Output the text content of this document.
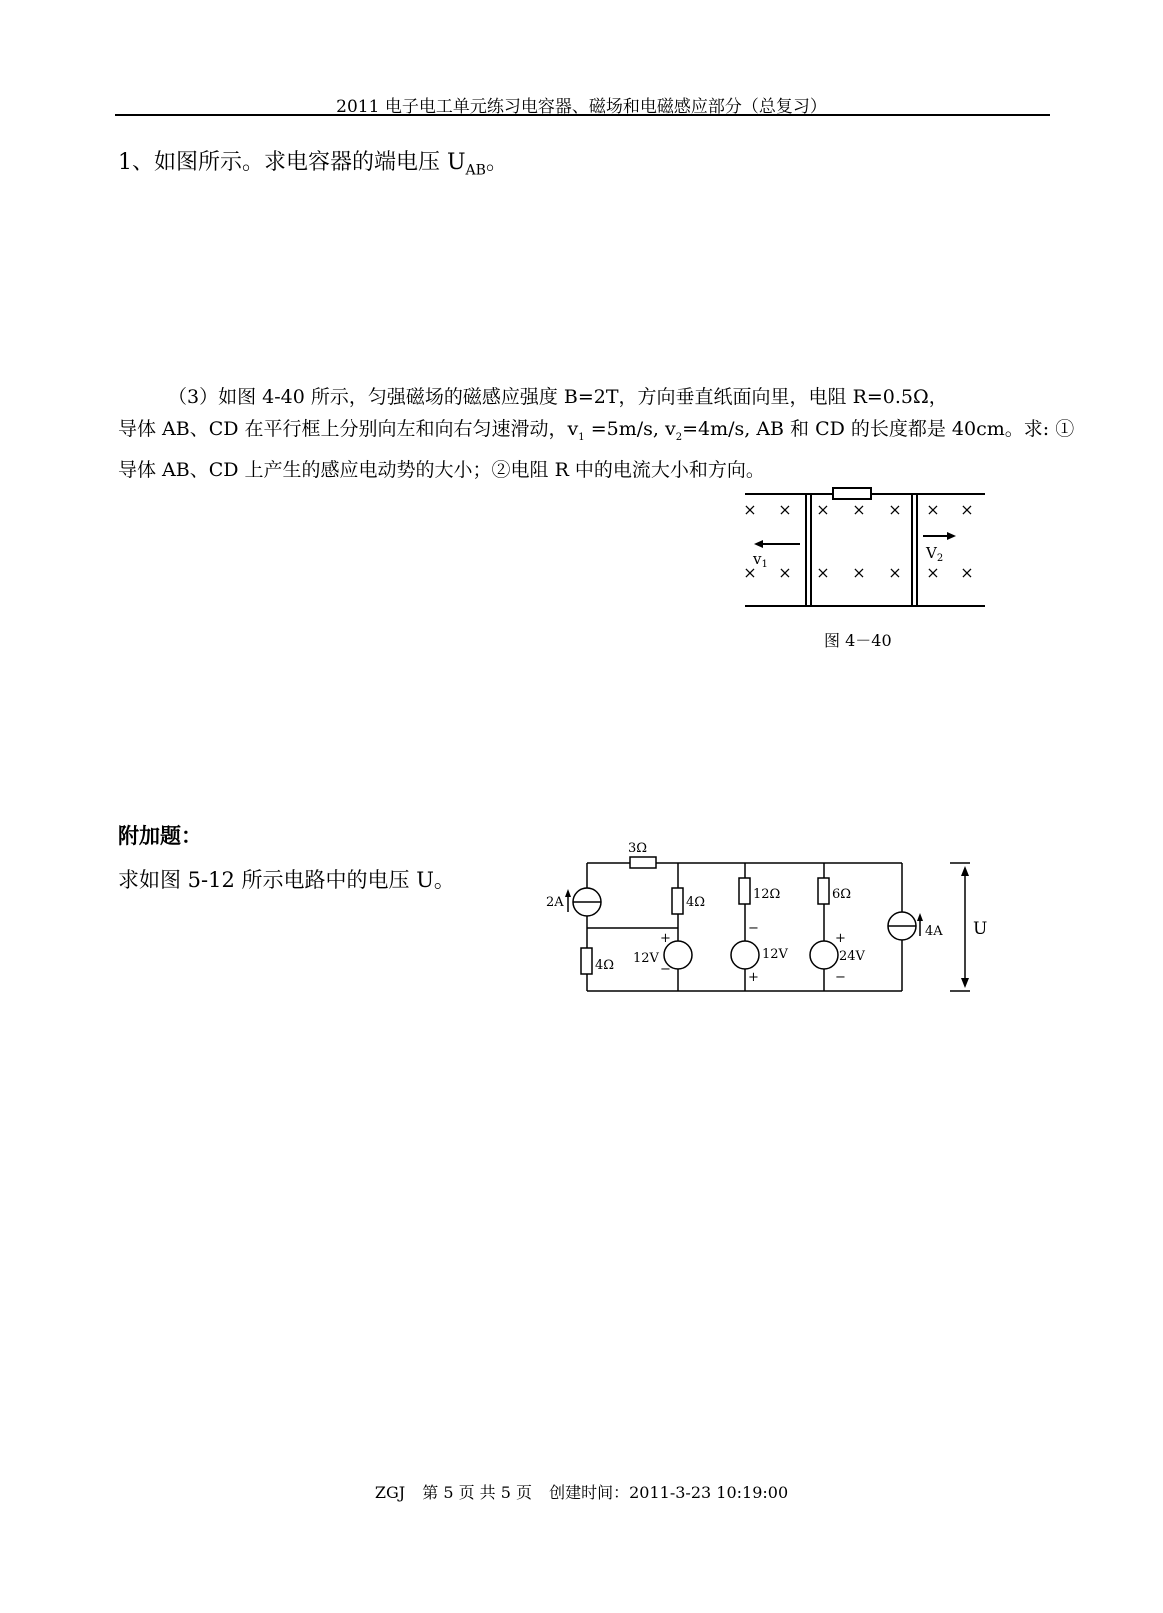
2011 电子电工单元练习电容器、磁场和电磁感应部分（总复习）
1、如图所示。求电容器的端电压 $U_{AB}$。
（3）如图 4-40 所示，匀强磁场的磁感应强度 B=2T，方向垂直纸面向里，电阻 R=0.5Ω，
导体 AB、CD 在平行框上分别向左和向右匀速滑动，$v_1 =5m/s$, $v_2=4m/s$, AB 和 CD 的长度都是 40cm。求: ①
导体 AB、CD 上产生的感应电动势的大小；②电阻 R 中的电流大小和方向。
× × × × × × ×
× × × × × × ×
$v_1$
$V_2$
图 4－40
附加题：
求如图 5-12 所示电路中的电压 U。
3Ω
2A	4Ω
4Ω 12V
+
−
12Ω
−
12V
+
6Ω
+
24V
−
4A U
ZGJ 第 5 页 共 5 页 创建时间：2011-3-23 10:19:00
